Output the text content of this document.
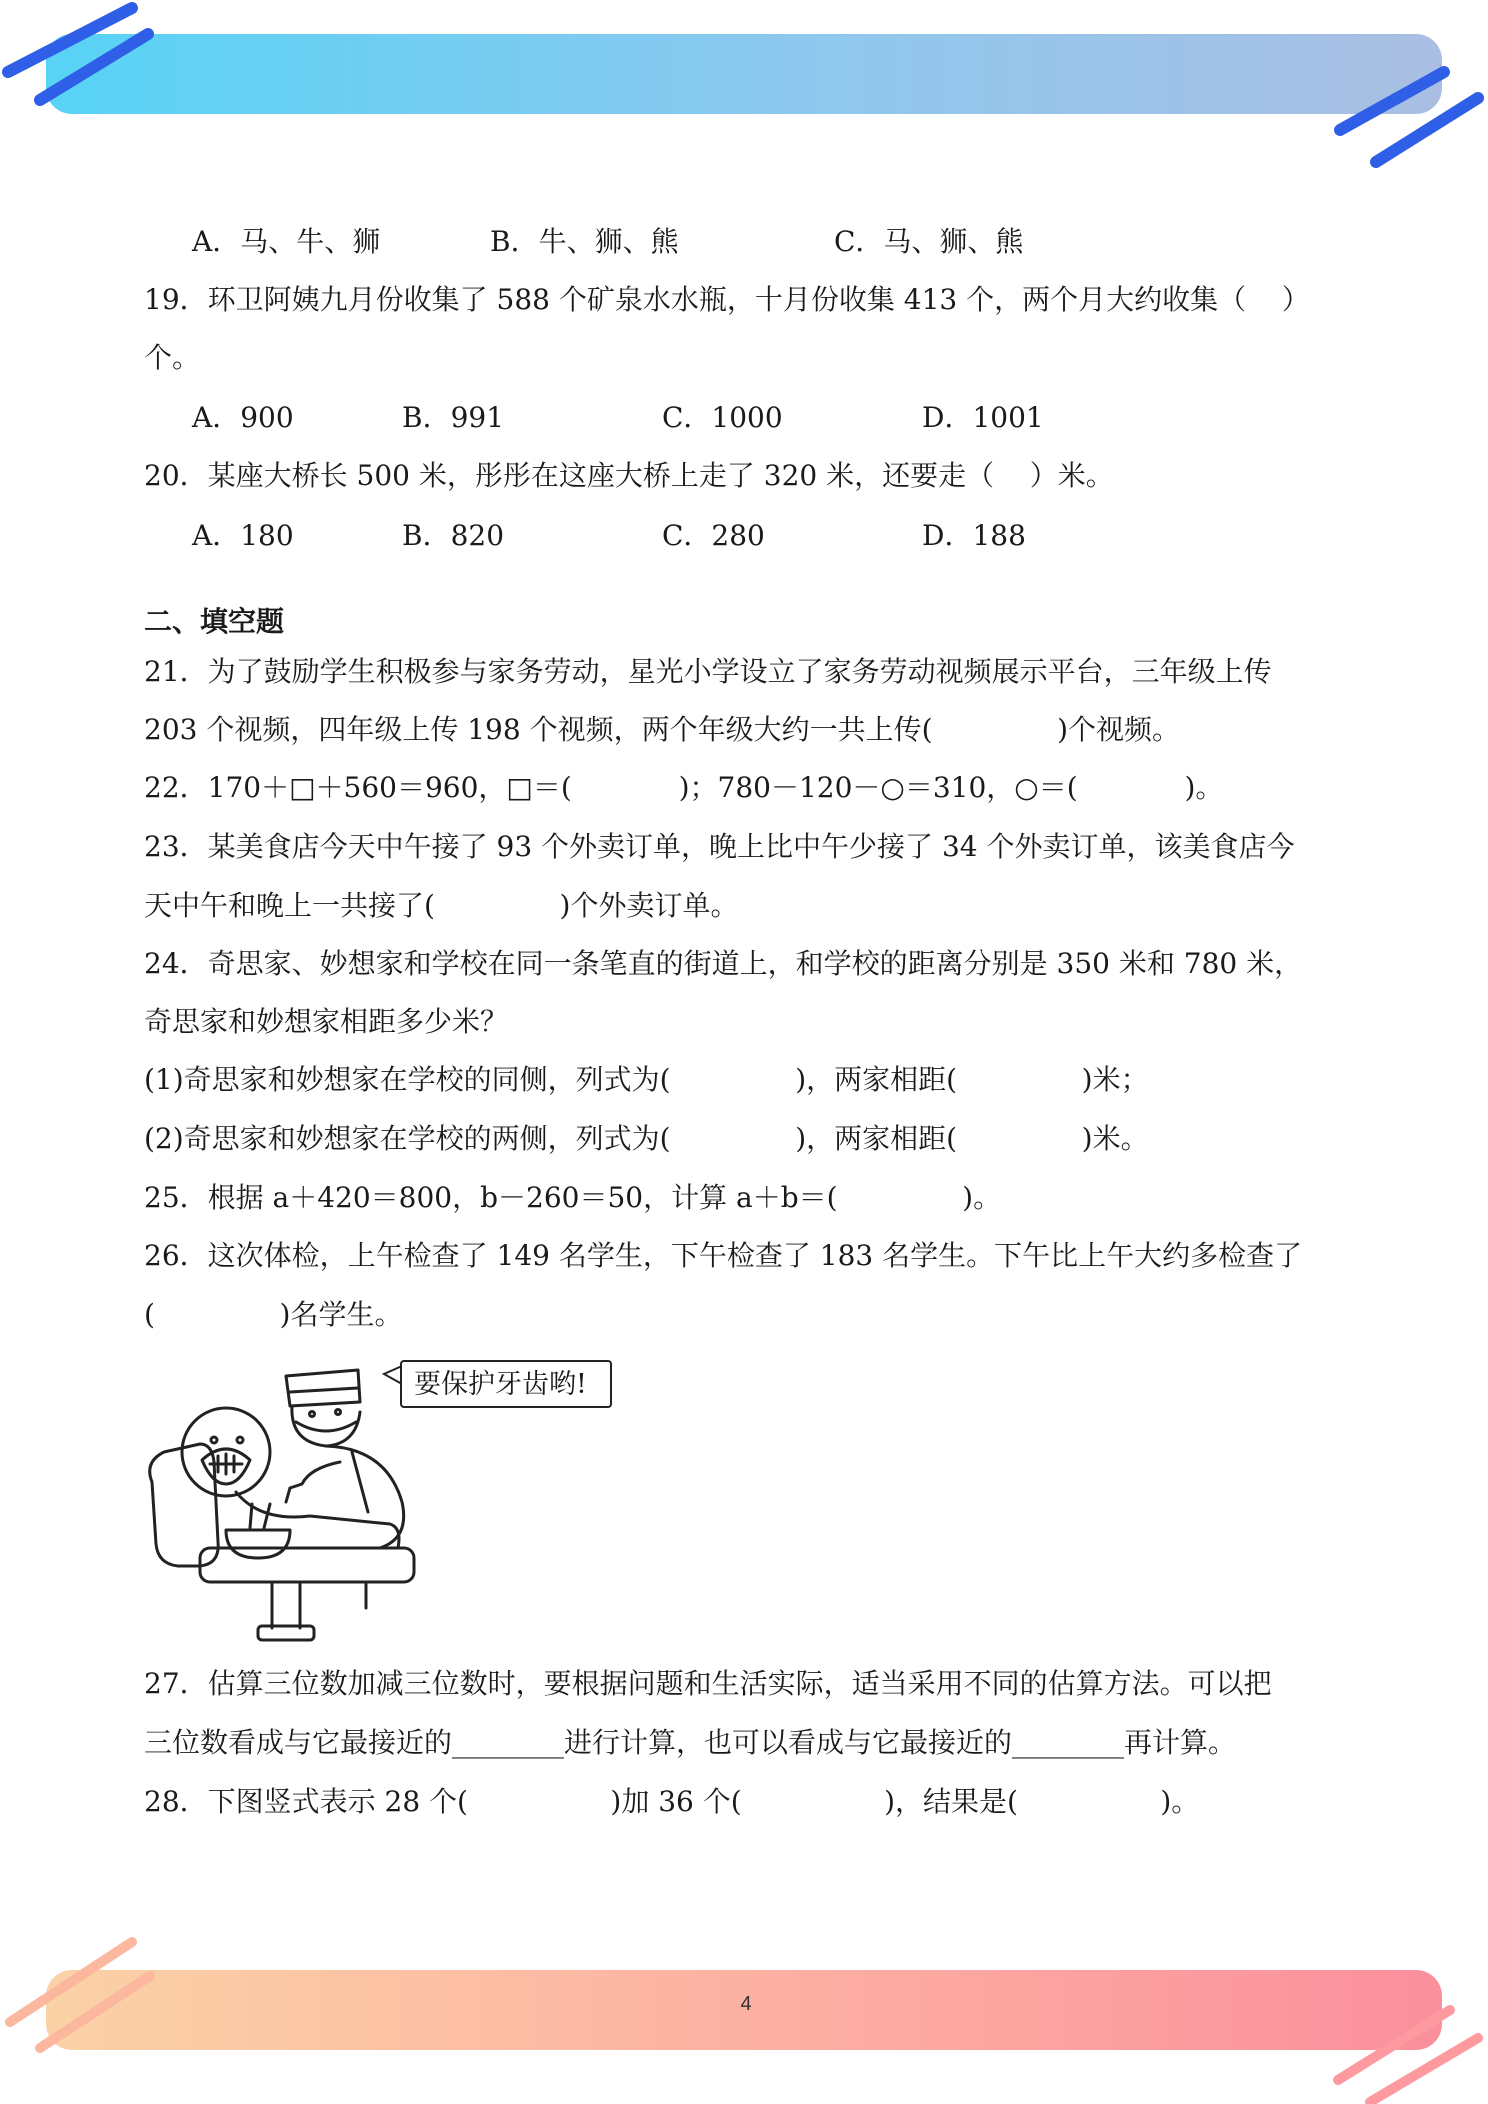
A．马、牛、狮	B．牛、狮、熊	C．马、狮、熊
19．环卫阿姨九月份收集了 588 个矿泉水水瓶，十月份收集 413 个，两个月大约收集（    ）
个。
A．900	B．991	C．1000	D．1001
20．某座大桥长 500 米，彤彤在这座大桥上走了 320 米，还要走（    ）米。
A．180	B．820	C．280	D．188
二、填空题
21．为了鼓励学生积极参与家务劳动，星光小学设立了家务劳动视频展示平台，三年级上传
203 个视频，四年级上传 198 个视频，两个年级大约一共上传(              )个视频。
22．170＋□＋560＝960，□＝(            )；780－120－○＝310，○＝(            )。
23．某美食店今天中午接了 93 个外卖订单，晚上比中午少接了 34 个外卖订单，该美食店今
天中午和晚上一共接了(              )个外卖订单。
24．奇思家、妙想家和学校在同一条笔直的街道上，和学校的距离分别是 350 米和 780 米，
奇思家和妙想家相距多少米？
(1)奇思家和妙想家在学校的同侧，列式为(              )，两家相距(              )米；
(2)奇思家和妙想家在学校的两侧，列式为(              )，两家相距(              )米。
25．根据 a＋420＝800，b－260＝50，计算 a＋b＝(              )。
26．这次体检，上午检查了 149 名学生，下午检查了 183 名学生。下午比上午大约多检查了
(              )名学生。
要保护牙齿哟!
27．估算三位数加减三位数时，要根据问题和生活实际，适当采用不同的估算方法。可以把
三位数看成与它最接近的________进行计算，也可以看成与它最接近的________再计算。
28．下图竖式表示 28 个(                )加 36 个(                )，结果是(                )。
4
